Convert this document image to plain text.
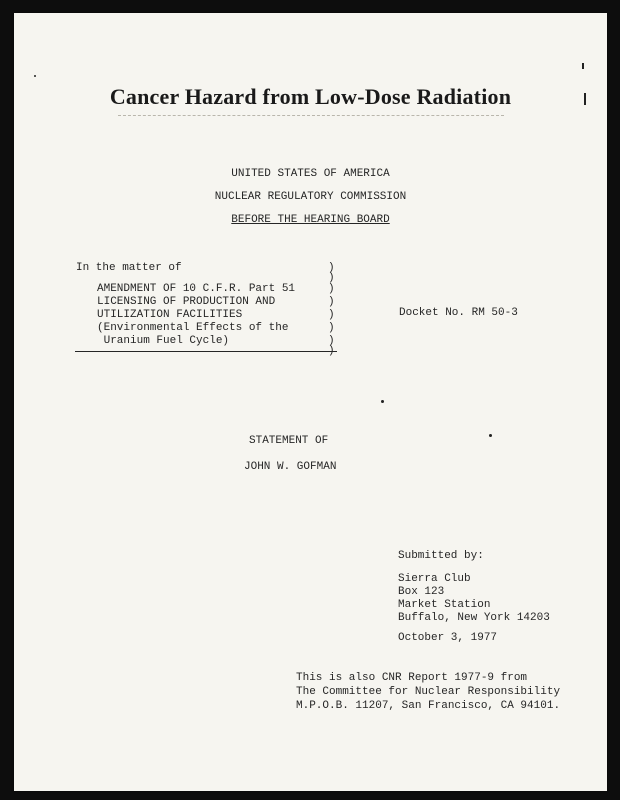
Cancer Hazard from Low-Dose Radiation
UNITED STATES OF AMERICA
NUCLEAR REGULATORY COMMISSION
BEFORE THE HEARING BOARD
In the matter of
AMENDMENT OF 10 C.F.R. Part 51
LICENSING OF PRODUCTION AND
UTILIZATION FACILITIES
(Environmental Effects of the
Uranium Fuel Cycle)
)
)
)
)
)
)
)
)
Docket No. RM 50-3
STATEMENT OF
JOHN W. GOFMAN
Submitted by:
Sierra Club
Box 123
Market Station
Buffalo, New York 14203
October 3, 1977
This is also CNR Report 1977-9 from
The Committee for Nuclear Responsibility
M.P.O.B. 11207, San Francisco, CA 94101.
